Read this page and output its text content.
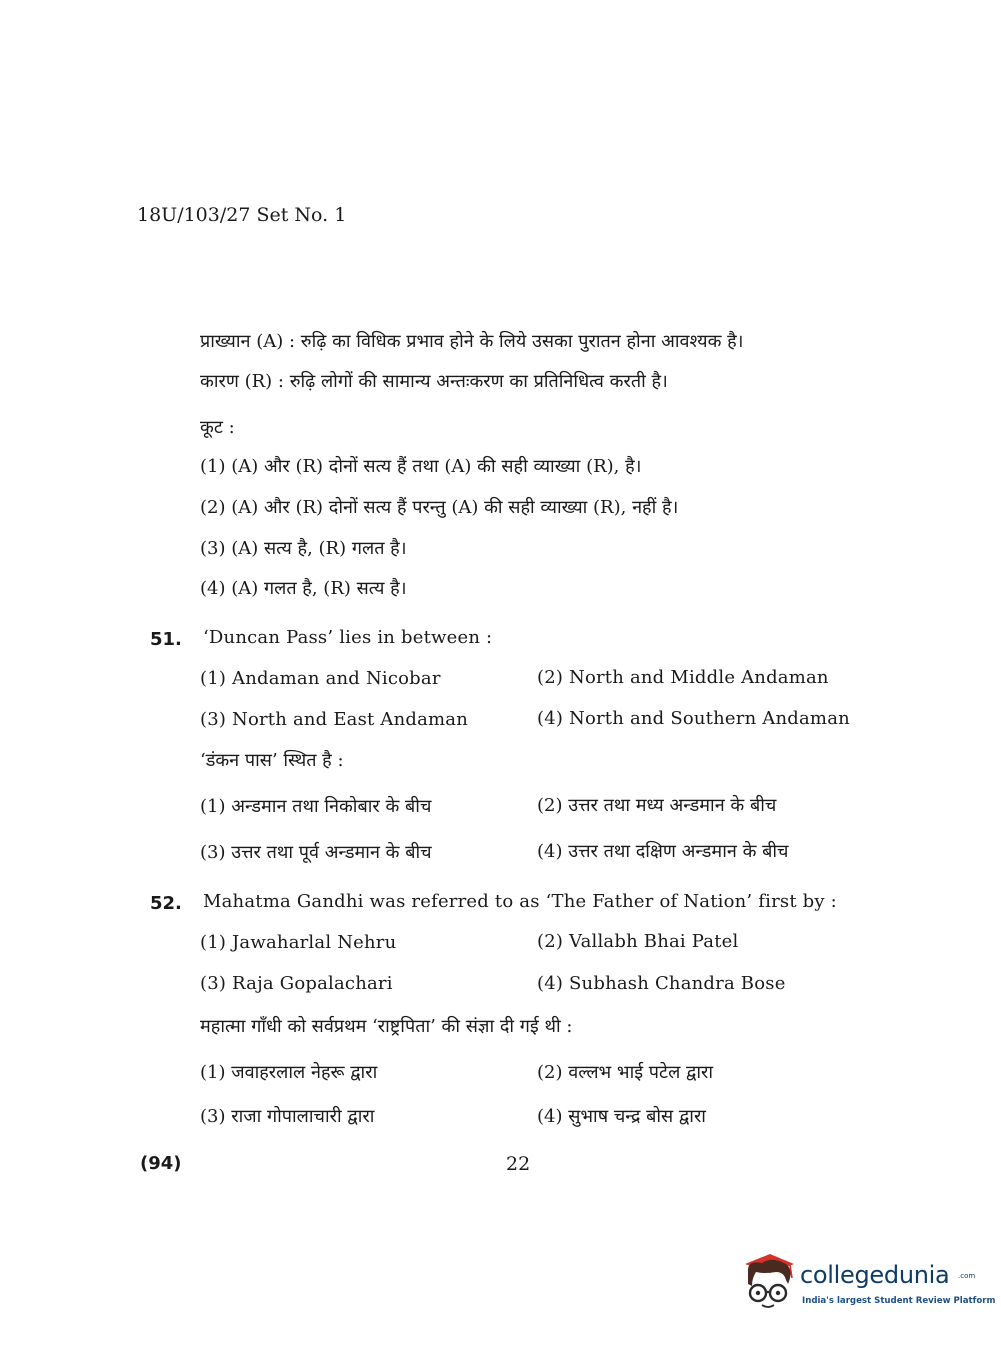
18U/103/27 Set No. 1
प्राख्यान (A) : रुढ़ि का विधिक प्रभाव होने के लिये उसका पुरातन होना आवश्यक है।
कारण (R) : रुढ़ि लोगों की सामान्य अन्तःकरण का प्रतिनिधित्व करती है।
कूट :
(1) (A) और (R) दोनों सत्य हैं तथा (A) की सही व्याख्या (R), है।
(2) (A) और (R) दोनों सत्य हैं परन्तु (A) की सही व्याख्या (R), नहीं है।
(3) (A) सत्य है, (R) गलत है।
(4) (A) गलत है, (R) सत्य है।
51. ‘Duncan Pass’ lies in between :
(1) Andaman and Nicobar	(2) North and Middle Andaman
(3) North and East Andaman	(4) North and Southern Andaman
‘डंकन पास’ स्थित है :
(1) अन्डमान तथा निकोबार के बीच	(2) उत्तर तथा मध्य अन्डमान के बीच
(3) उत्तर तथा पूर्व अन्डमान के बीच	(4) उत्तर तथा दक्षिण अन्डमान के बीच
52. Mahatma Gandhi was referred to as ‘The Father of Nation’ first by :
(1) Jawaharlal Nehru	(2) Vallabh Bhai Patel
(3) Raja Gopalachari	(4) Subhash Chandra Bose
महात्मा गाँधी को सर्वप्रथम ‘राष्ट्रपिता’ की संज्ञा दी गई थी :
(1) जवाहरलाल नेहरू द्वारा	(2) वल्लभ भाई पटेल द्वारा
(3) राजा गोपालाचारी द्वारा	(4) सुभाष चन्द्र बोस द्वारा
(94)	22
collegedunia .com
India's largest Student Review Platform
